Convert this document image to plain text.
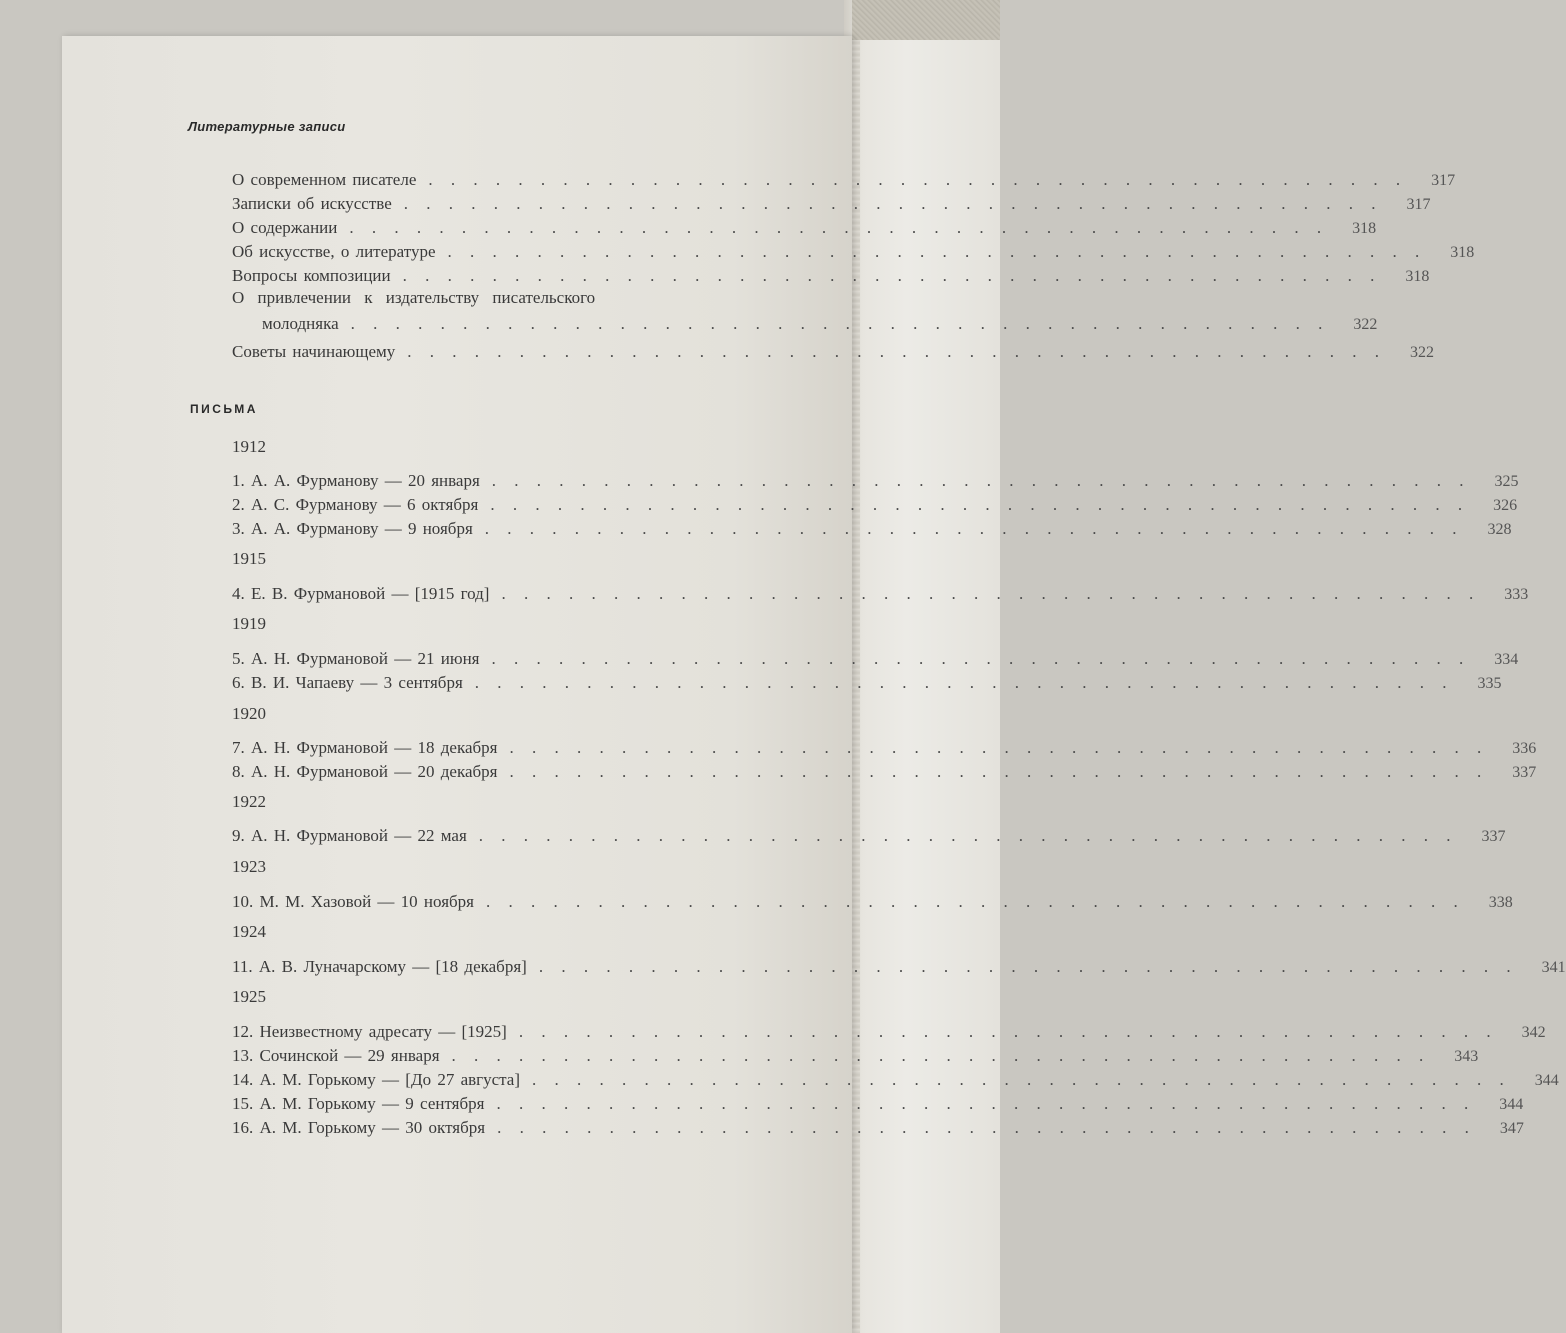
Литературные записи
О современном писателе . . . . . . . . . . . . . . . . . . . . . . . . . . . . . . . . . . . . . . . . . . . .	317
Записки об искусстве . . . . . . . . . . . . . . . . . . . . . . . . . . . . . . . . . . . . . . . . . . . .	317
О содержании . . . . . . . . . . . . . . . . . . . . . . . . . . . . . . . . . . . . . . . . . . . .	318
Об искусстве, о литературе . . . . . . . . . . . . . . . . . . . . . . . . . . . . . . . . . . . . . . . . . . . .	318
Вопросы композиции . . . . . . . . . . . . . . . . . . . . . . . . . . . . . . . . . . . . . . . . . . . .	318
О привлечении к издательству писательского
молодняка . . . . . . . . . . . . . . . . . . . . . . . . . . . . . . . . . . . . . . . . . . . .	322
Советы начинающему . . . . . . . . . . . . . . . . . . . . . . . . . . . . . . . . . . . . . . . . . . . .	322
ПИСЬМА
1912
1. А. А. Фурманову — 20 января . . . . . . . . . . . . . . . . . . . . . . . . . . . . . . . . . . . . . . . . . . . .	325
2. А. С. Фурманову — 6 октября . . . . . . . . . . . . . . . . . . . . . . . . . . . . . . . . . . . . . . . . . . . .	326
3. А. А. Фурманову — 9 ноября . . . . . . . . . . . . . . . . . . . . . . . . . . . . . . . . . . . . . . . . . . . .	328
1915
4. Е. В. Фурмановой — [1915 год] . . . . . . . . . . . . . . . . . . . . . . . . . . . . . . . . . . . . . . . . . . . .	333
1919
5. А. Н. Фурмановой — 21 июня . . . . . . . . . . . . . . . . . . . . . . . . . . . . . . . . . . . . . . . . . . . .	334
6. В. И. Чапаеву — 3 сентября . . . . . . . . . . . . . . . . . . . . . . . . . . . . . . . . . . . . . . . . . . . .	335
1920
7. А. Н. Фурмановой — 18 декабря . . . . . . . . . . . . . . . . . . . . . . . . . . . . . . . . . . . . . . . . . . . .	336
8. А. Н. Фурмановой — 20 декабря . . . . . . . . . . . . . . . . . . . . . . . . . . . . . . . . . . . . . . . . . . . .	337
1922
9. А. Н. Фурмановой — 22 мая . . . . . . . . . . . . . . . . . . . . . . . . . . . . . . . . . . . . . . . . . . . .	337
1923
10. М. М. Хазовой — 10 ноября . . . . . . . . . . . . . . . . . . . . . . . . . . . . . . . . . . . . . . . . . . . .	338
1924
11. А. В. Луначарскому — [18 декабря] . . . . . . . . . . . . . . . . . . . . . . . . . . . . . . . . . . . . . . . . . . . .	341
1925
12. Неизвестному адресату — [1925] . . . . . . . . . . . . . . . . . . . . . . . . . . . . . . . . . . . . . . . . . . . .	342
13. Сочинской — 29 января . . . . . . . . . . . . . . . . . . . . . . . . . . . . . . . . . . . . . . . . . . . .	343
14. А. М. Горькому — [До 27 августа] . . . . . . . . . . . . . . . . . . . . . . . . . . . . . . . . . . . . . . . . . . . .	344
15. А. М. Горькому — 9 сентября . . . . . . . . . . . . . . . . . . . . . . . . . . . . . . . . . . . . . . . . . . . .	344
16. А. М. Горькому — 30 октября . . . . . . . . . . . . . . . . . . . . . . . . . . . . . . . . . . . . . . . . . . . .	347
